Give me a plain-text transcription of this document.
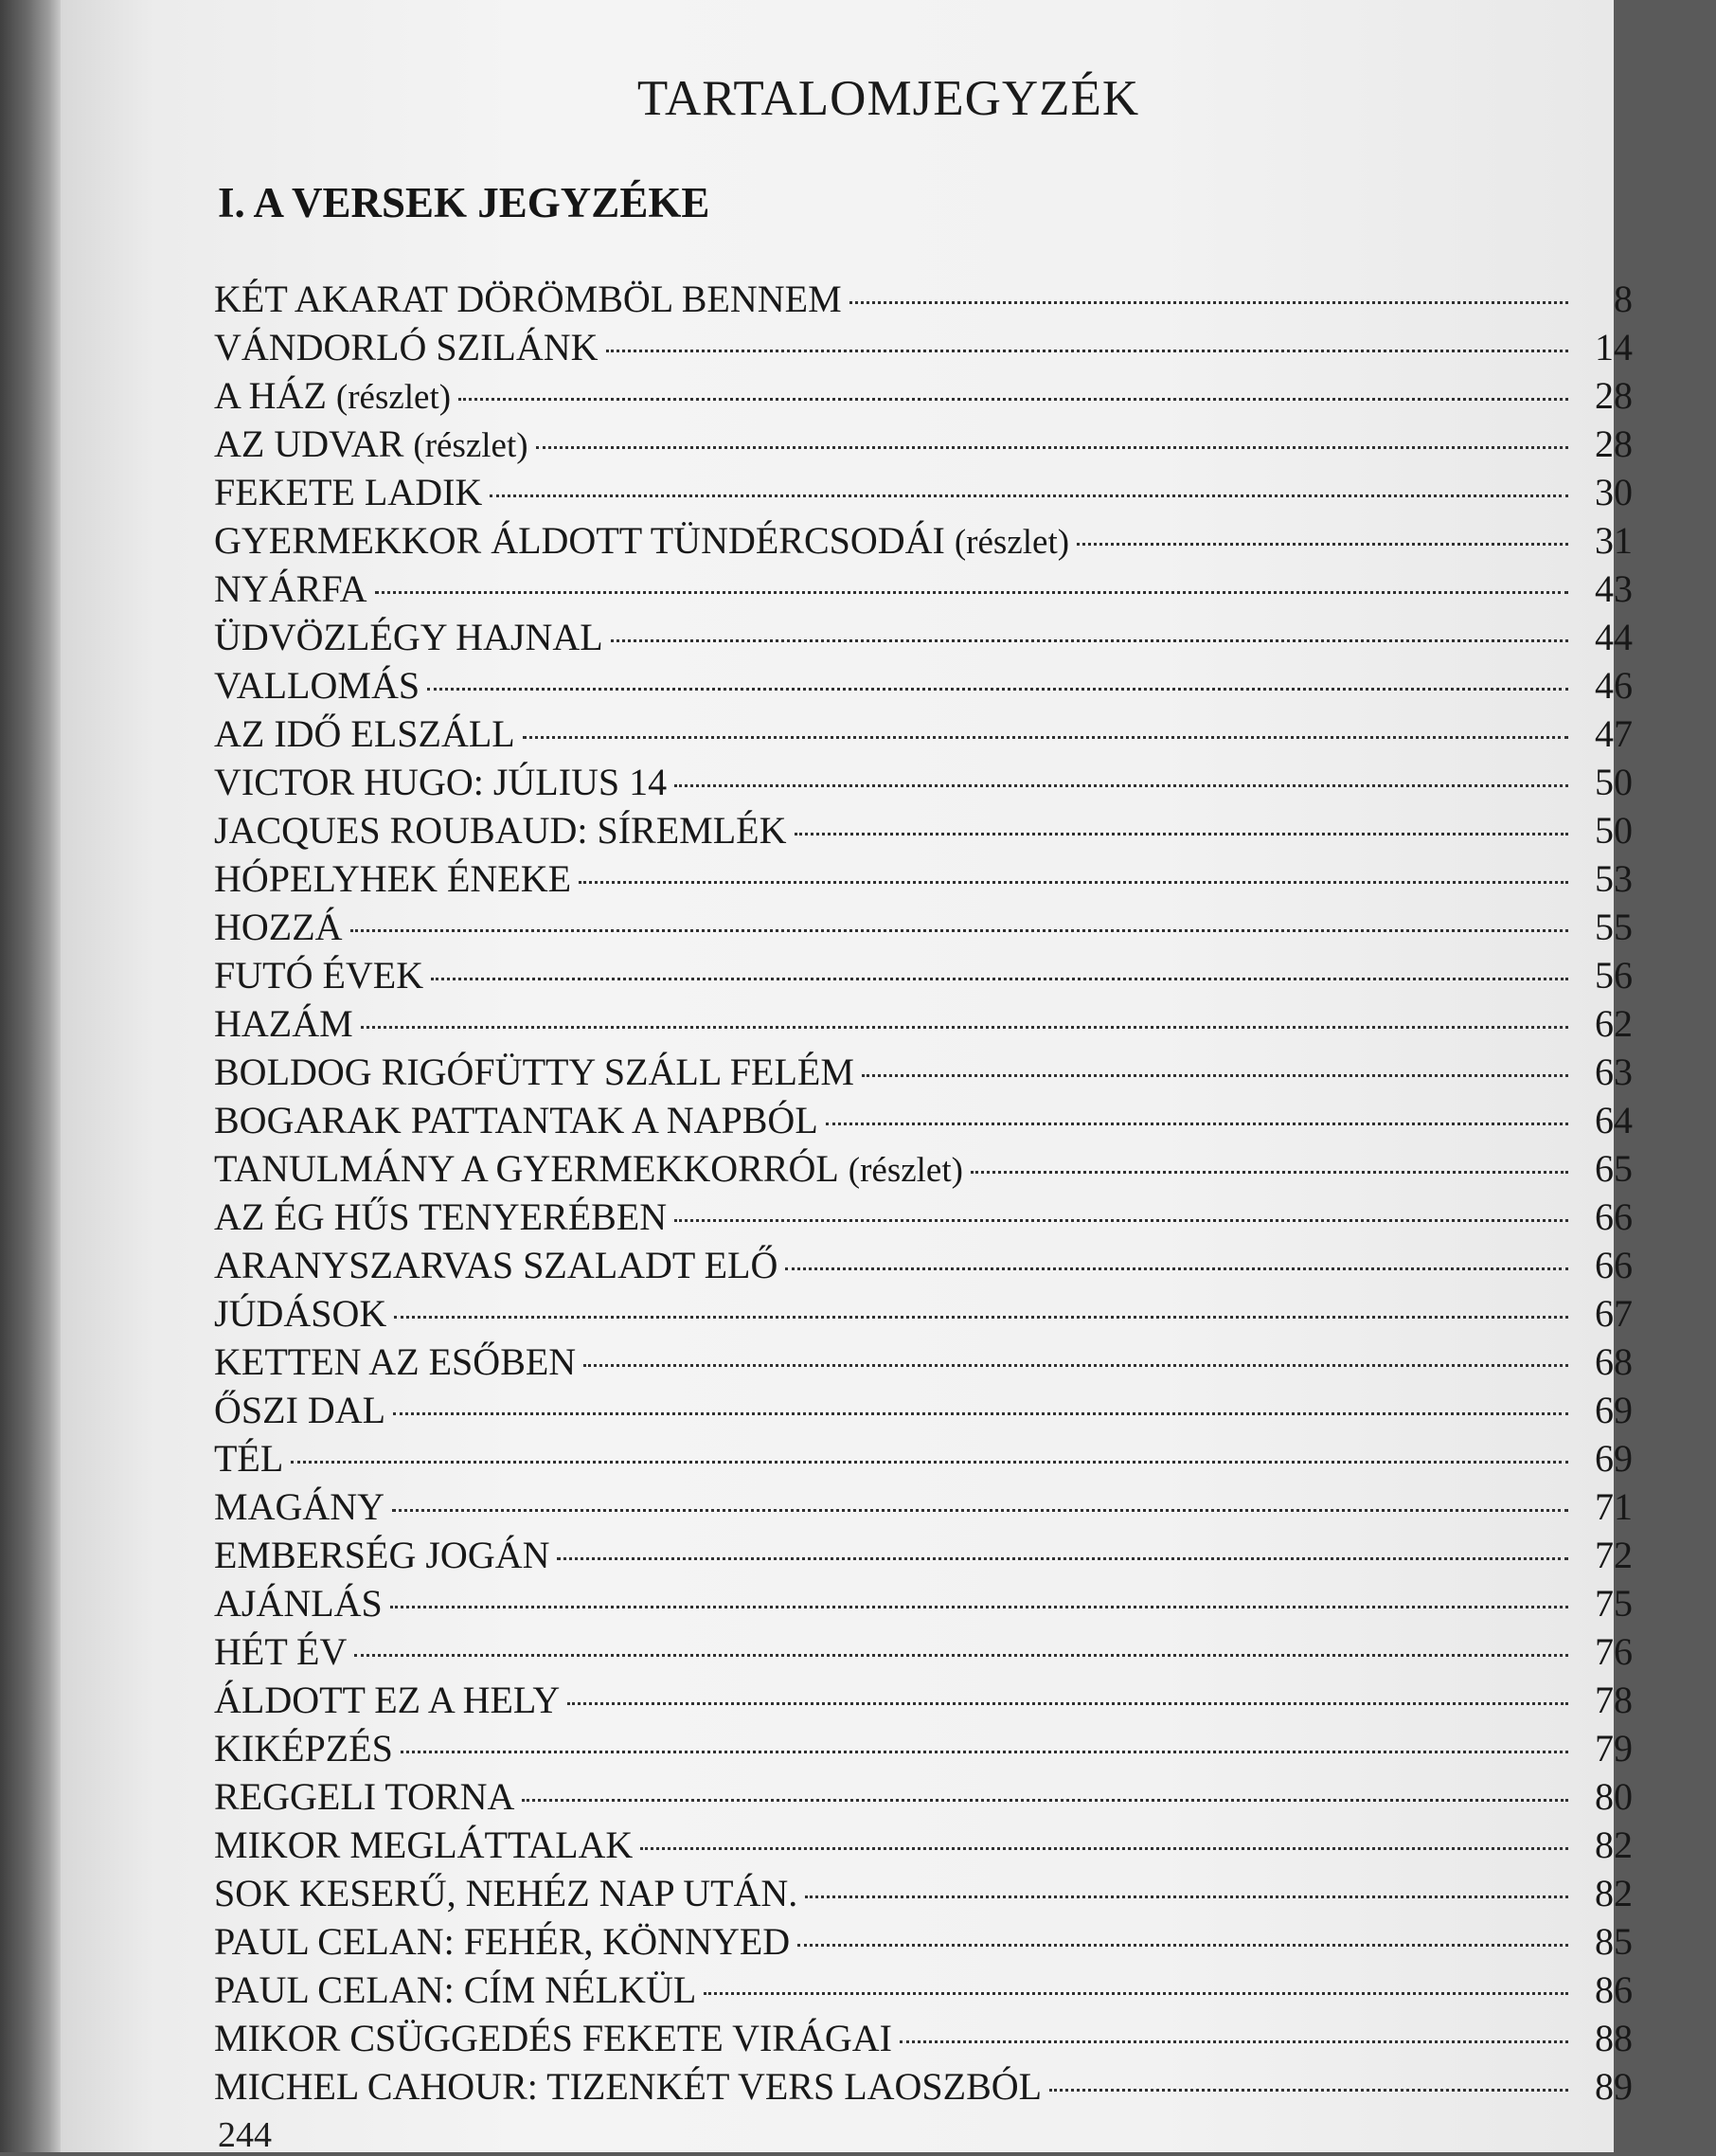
TARTALOMJEGYZÉK
I. A VERSEK JEGYZÉKE
KÉT AKARAT DÖRÖMBÖL BENNEM	8
VÁNDORLÓ SZILÁNK	14
A HÁZ (részlet)	28
AZ UDVAR (részlet)	28
FEKETE LADIK	30
GYERMEKKOR ÁLDOTT TÜNDÉRCSODÁI (részlet)	31
NYÁRFA	43
ÜDVÖZLÉGY HAJNAL	44
VALLOMÁS	46
AZ IDŐ ELSZÁLL	47
VICTOR HUGO: JÚLIUS 14	50
JACQUES ROUBAUD: SÍREMLÉK	50
HÓPELYHEK ÉNEKE	53
HOZZÁ	55
FUTÓ ÉVEK	56
HAZÁM	62
BOLDOG RIGÓFÜTTY SZÁLL FELÉM	63
BOGARAK PATTANTAK A NAPBÓL	64
TANULMÁNY A GYERMEKKORRÓL (részlet)	65
AZ ÉG HŰS TENYERÉBEN	66
ARANYSZARVAS SZALADT ELŐ	66
JÚDÁSOK	67
KETTEN AZ ESŐBEN	68
ŐSZI DAL	69
TÉL	69
MAGÁNY	71
EMBERSÉG JOGÁN	72
AJÁNLÁS	75
HÉT ÉV	76
ÁLDOTT EZ A HELY	78
KIKÉPZÉS	79
REGGELI TORNA	80
MIKOR MEGLÁTTALAK	82
SOK KESERŰ, NEHÉZ NAP UTÁN.	82
PAUL CELAN: FEHÉR, KÖNNYED	85
PAUL CELAN: CÍM NÉLKÜL	86
MIKOR CSÜGGEDÉS FEKETE VIRÁGAI	88
MICHEL CAHOUR: TIZENKÉT VERS LAOSZBÓL	89
244
